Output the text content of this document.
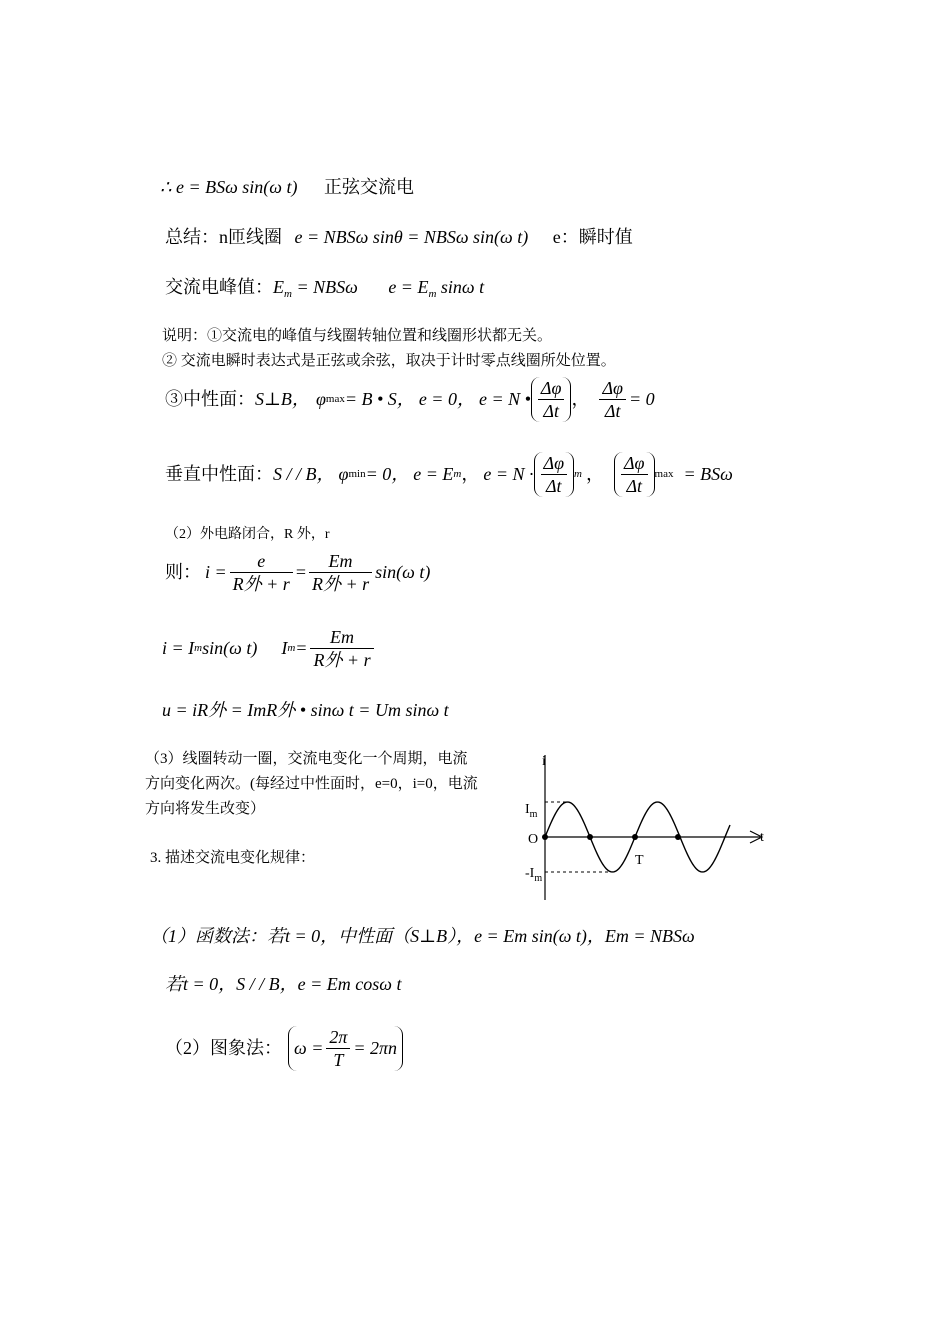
∴ e = BSω sin(ω t) 正弦交流电
总结：n匝线圈 e = NBSω sinθ = NBSω sin(ω t) e：瞬时值
交流电峰值：$E_m = NBS\omega$ $e = E_m$ sinω t
说明：①交流电的峰值与线圈转轴位置和线圈形状都无关。
② 交流电瞬时表达式是正弦或余弦，取决于计时零点线圈所处位置。
③中性面： S⊥B， φ max = B • S， e = 0， e = N • $\frac{\Delta\varphi}{\Delta t}$ ， $\frac{\Delta\varphi}{\Delta t} = 0$
垂直中性面： S / / B， φ min = 0， e = E m ， $e = N \cdot \frac{\Delta\varphi}{\Delta t}$ m ， $\frac{\Delta\varphi}{\Delta t}$ max = BSω
（2）外电路闭合，R 外，r
则： $i = \frac{e}{\text{R外 + r}} = \frac{Em}{\text{R外 + r}} \sin(\omega$ t)
i = I m sin(ω t) I $m = \frac{Em}{\text{R外 + r}}$
u = iR外 = ImR外 • sinω t = Um sinω t
（3）线圈转动一圈，交流电变化一个周期，电流
方向变化两次。(每经过中性面时，e=0，i=0，电流
方向将发生改变）
3. 描述交流电变化规律：
i
t
$I_m$
O
T
$-I_m$
（1）函数法：若t = 0，中性面（S⊥B），e = Em sin(ω t)，Em = NBSω
若t = 0，S / / B，e = Em cosω t
（2）图象法： $\omega = \frac{2\pi}{T} = 2\pi n$
